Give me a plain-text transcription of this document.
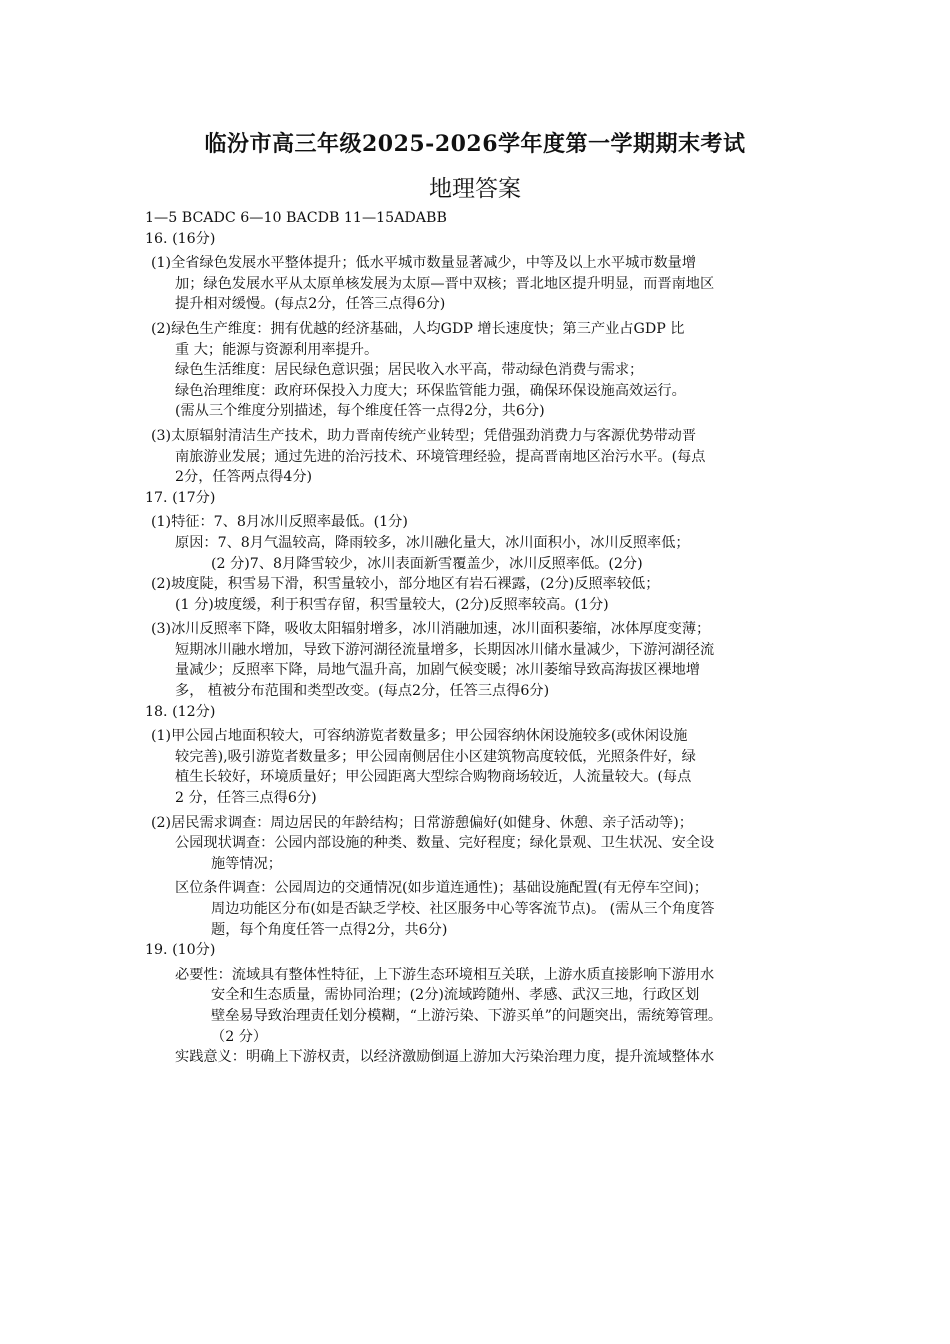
临汾市高三年级2025-2026学年度第一学期期末考试
地理答案
1—5 BCADC 6—10 BACDB 11—15ADABB
16. (16分)
(1)全省绿色发展水平整体提升；低水平城市数量显著减少，中等及以上水平城市数量增
加；绿色发展水平从太原单核发展为太原—晋中双核；晋北地区提升明显，而晋南地区
提升相对缓慢。(每点2分，任答三点得6分)
(2)绿色生产维度：拥有优越的经济基础，人均GDP 增长速度快；第三产业占GDP 比
重 大；能源与资源利用率提升。
绿色生活维度：居民绿色意识强；居民收入水平高，带动绿色消费与需求；
绿色治理维度：政府环保投入力度大；环保监管能力强，确保环保设施高效运行。
(需从三个维度分别描述，每个维度任答一点得2分，共6分)
(3)太原辐射清洁生产技术，助力晋南传统产业转型；凭借强劲消费力与客源优势带动晋
南旅游业发展；通过先进的治污技术、环境管理经验，提高晋南地区治污水平。(每点
2分，任答两点得4分)
17. (17分)
(1)特征：7、8月冰川反照率最低。(1分)
原因：7、8月气温较高，降雨较多，冰川融化量大，冰川面积小，冰川反照率低；
(2 分)7、8月降雪较少，冰川表面新雪覆盖少，冰川反照率低。(2分)
(2)坡度陡，积雪易下滑，积雪量较小，部分地区有岩石裸露，(2分)反照率较低；
(1 分)坡度缓，利于积雪存留，积雪量较大，(2分)反照率较高。(1分)
(3)冰川反照率下降，吸收太阳辐射增多，冰川消融加速，冰川面积萎缩，冰体厚度变薄；
短期冰川融水增加，导致下游河湖径流量增多，长期因冰川储水量减少，下游河湖径流
量减少；反照率下降，局地气温升高，加剧气候变暖；冰川萎缩导致高海拔区裸地增
多， 植被分布范围和类型改变。(每点2分，任答三点得6分)
18. (12分)
(1)甲公园占地面积较大，可容纳游览者数量多；甲公园容纳休闲设施较多(或休闲设施
较完善),吸引游览者数量多；甲公园南侧居住小区建筑物高度较低，光照条件好，绿
植生长较好，环境质量好；甲公园距离大型综合购物商场较近，人流量较大。(每点
2 分，任答三点得6分)
(2)居民需求调查：周边居民的年龄结构；日常游憩偏好(如健身、休憩、亲子活动等)；
公园现状调查：公园内部设施的种类、数量、完好程度；绿化景观、卫生状况、安全设
施等情况；
区位条件调查：公园周边的交通情况(如步道连通性)；基础设施配置(有无停车空间)；
周边功能区分布(如是否缺乏学校、社区服务中心等客流节点)。 (需从三个角度答
题，每个角度任答一点得2分，共6分)
19. (10分)
必要性：流域具有整体性特征，上下游生态环境相互关联，上游水质直接影响下游用水
安全和生态质量，需协同治理；(2分)流域跨随州、孝感、武汉三地，行政区划
壁垒易导致治理责任划分模糊，“上游污染、下游买单”的问题突出，需统筹管理。
（2 分）
实践意义：明确上下游权责，以经济激励倒逼上游加大污染治理力度，提升流域整体水
